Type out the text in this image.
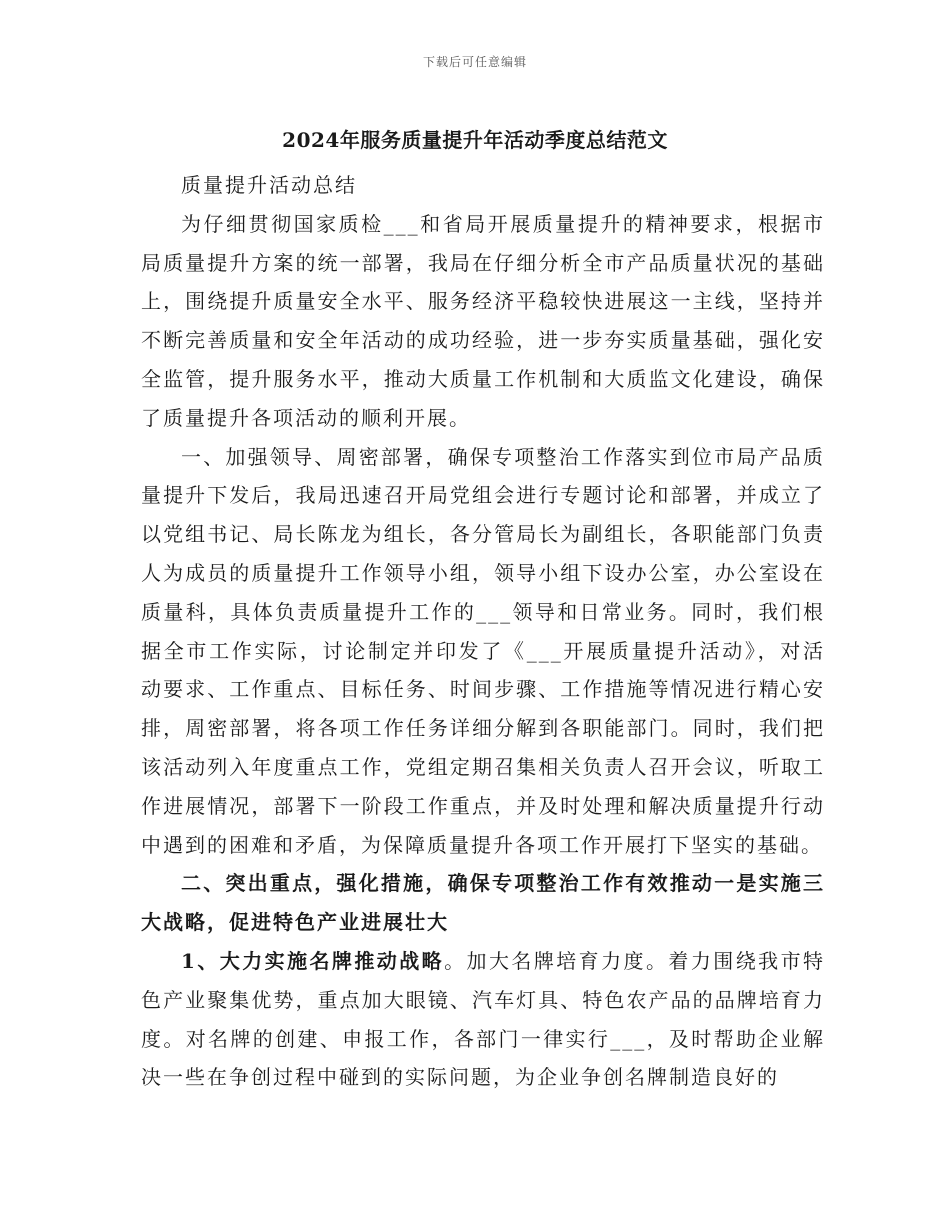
下载后可任意编辑
2024年服务质量提升年活动季度总结范文

质量提升活动总结

为仔细贯彻国家质检___和省局开展质量提升的精神要求，根据市局质量提升方案的统一部署，我局在仔细分析全市产品质量状况的基础上，围绕提升质量安全水平、服务经济平稳较快进展这一主线，坚持并不断完善质量和安全年活动的成功经验，进一步夯实质量基础，强化安全监管，提升服务水平，推动大质量工作机制和大质监文化建设，确保了质量提升各项活动的顺利开展。

一、加强领导、周密部署，确保专项整治工作落实到位市局产品质量提升下发后，我局迅速召开局党组会进行专题讨论和部署，并成立了以党组书记、局长陈龙为组长，各分管局长为副组长，各职能部门负责人为成员的质量提升工作领导小组，领导小组下设办公室，办公室设在质量科，具体负责质量提升工作的___领导和日常业务。同时，我们根据全市工作实际，讨论制定并印发了《___开展质量提升活动》，对活动要求、工作重点、目标任务、时间步骤、工作措施等情况进行精心安排，周密部署，将各项工作任务详细分解到各职能部门。同时，我们把该活动列入年度重点工作，党组定期召集相关负责人召开会议，听取工作进展情况，部署下一阶段工作重点，并及时处理和解决质量提升行动中遇到的困难和矛盾，为保障质量提升各项工作开展打下坚实的基础。

二、突出重点，强化措施，确保专项整治工作有效推动一是实施三大战略，促进特色产业进展壮大

1、大力实施名牌推动战略。加大名牌培育力度。着力围绕我市特色产业聚集优势，重点加大眼镜、汽车灯具、特色农产品的品牌培育力度。对名牌的创建、申报工作，各部门一律实行___，及时帮助企业解决一些在争创过程中碰到的实际问题，为企业争创名牌制造良好的
